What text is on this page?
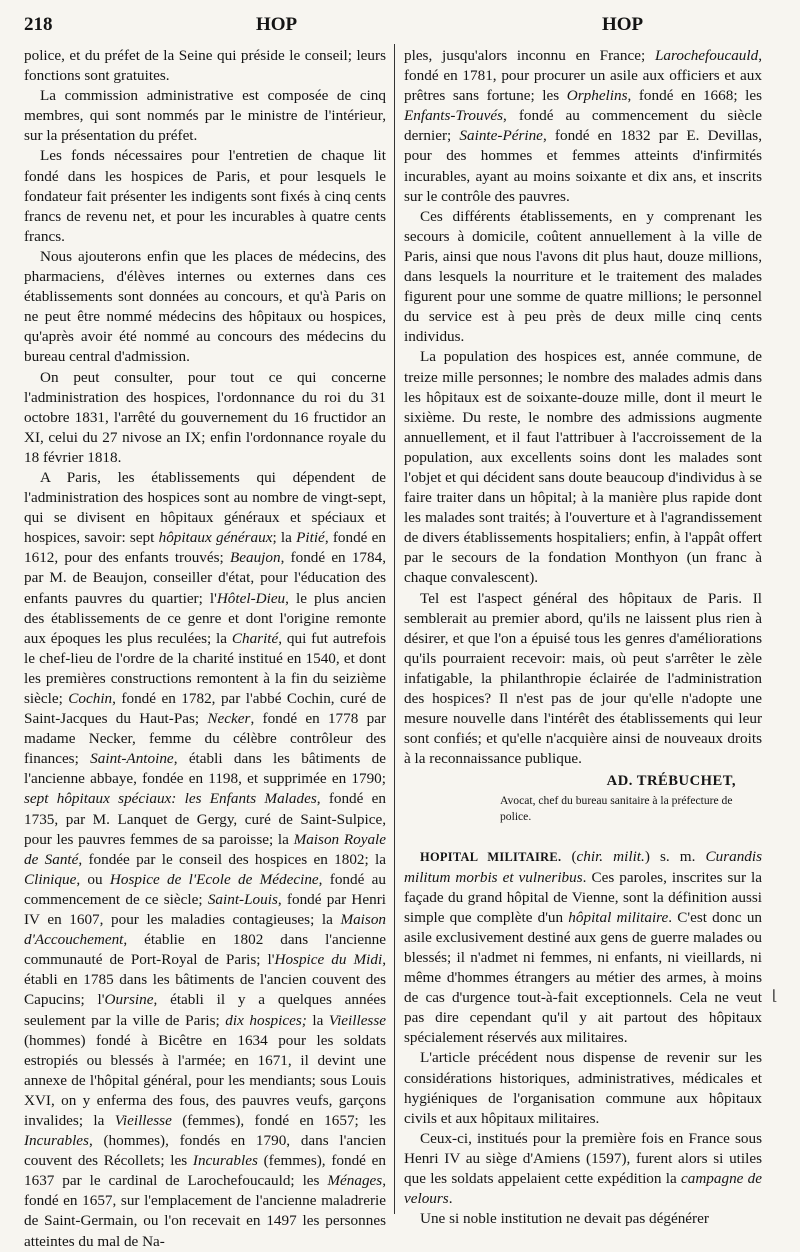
218	HOP	HOP

police, et du préfet de la Seine qui préside le conseil; leurs fonctions sont gratuites.

La commission administrative est composée de cinq membres, qui sont nommés par le ministre de l'intérieur, sur la présentation du préfet.

Les fonds nécessaires pour l'entretien de chaque lit fondé dans les hospices de Paris, et pour lesquels le fondateur fait présenter les indigents sont fixés à cinq cents francs de revenu net, et pour les incurables à quatre cents francs.

Nous ajouterons enfin que les places de médecins, des pharmaciens, d'élèves internes ou externes dans ces établissements sont données au concours, et qu'à Paris on ne peut être nommé médecins des hôpitaux ou hospices, qu'après avoir été nommé au concours des médecins du bureau central d'admission.

On peut consulter, pour tout ce qui concerne l'administration des hospices, l'ordonnance du roi du 31 octobre 1831, l'arrêté du gouvernement du 16 fructidor an XI, celui du 27 nivose an IX; enfin l'ordonnance royale du 18 février 1818.

A Paris, les établissements qui dépendent de l'administration des hospices sont au nombre de vingt-sept, qui se divisent en hôpitaux généraux et spéciaux et hospices, savoir: sept hôpitaux généraux; la Pitié, fondé en 1612, pour des enfants trouvés; Beaujon, fondé en 1784, par M. de Beaujon, conseiller d'état, pour l'éducation des enfants pauvres du quartier; l'Hôtel-Dieu, le plus ancien des établissements de ce genre et dont l'origine remonte aux époques les plus reculées; la Charité, qui fut autrefois le chef-lieu de l'ordre de la charité institué en 1540, et dont les premières constructions remontent à la fin du seizième siècle; Cochin, fondé en 1782, par l'abbé Cochin, curé de Saint-Jacques du Haut-Pas; Necker, fondé en 1778 par madame Necker, femme du célèbre contrôleur des finances; Saint-Antoine, établi dans les bâtiments de l'ancienne abbaye, fondée en 1198, et supprimée en 1790; sept hôpitaux spéciaux: les Enfants Malades, fondé en 1735, par M. Lanquet de Gergy, curé de Saint-Sulpice, pour les pauvres femmes de sa paroisse; la Maison Royale de Santé, fondée par le conseil des hospices en 1802; la Clinique, ou Hospice de l'Ecole de Médecine, fondé au commencement de ce siècle; Saint-Louis, fondé par Henri IV en 1607, pour les maladies contagieuses; la Maison d'Accouchement, établie en 1802 dans l'ancienne communauté de Port-Royal de Paris; l'Hospice du Midi, établi en 1785 dans les bâtiments de l'ancien couvent des Capucins; l'Oursine, établi il y a quelques années seulement par la ville de Paris; dix hospices; la Vieillesse (hommes) fondé à Bicêtre en 1634 pour les soldats estropiés ou blessés à l'armée; en 1671, il devint une annexe de l'hôpital général, pour les mendiants; sous Louis XVI, on y enferma des fous, des pauvres veufs, garçons invalides; la Vieillesse (femmes), fondé en 1657; les Incurables, (hommes), fondés en 1790, dans l'ancien couvent des Récollets; les Incurables (femmes), fondé en 1637 par le cardinal de Larochefoucauld; les Ménages, fondé en 1657, sur l'emplacement de l'ancienne maladrerie de Saint-Germain, ou l'on recevait en 1497 les personnes atteintes du mal de Na-

ples, jusqu'alors inconnu en France; Larochefoucauld, fondé en 1781, pour procurer un asile aux officiers et aux prêtres sans fortune; les Orphelins, fondé en 1668; les Enfants-Trouvés, fondé au commencement du siècle dernier; Sainte-Périne, fondé en 1832 par E. Devillas, pour des hommes et femmes atteints d'infirmités incurables, ayant au moins soixante et dix ans, et inscrits sur le contrôle des pauvres.

Ces différents établissements, en y comprenant les secours à domicile, coûtent annuellement à la ville de Paris, ainsi que nous l'avons dit plus haut, douze millions, dans lesquels la nourriture et le traitement des malades figurent pour une somme de quatre millions; le personnel du service est à peu près de deux mille cinq cents individus.

La population des hospices est, année commune, de treize mille personnes; le nombre des malades admis dans les hôpitaux est de soixante-douze mille, dont il meurt le sixième. Du reste, le nombre des admissions augmente annuellement, et il faut l'attribuer à l'accroissement de la population, aux excellents soins dont les malades sont l'objet et qui décident sans doute beaucoup d'individus à se faire traiter dans un hôpital; à la manière plus rapide dont les malades sont traités; à l'ouverture et à l'agrandissement de divers établissements hospitaliers; enfin, à l'appât offert par le secours de la fondation Monthyon (un franc à chaque convalescent).

Tel est l'aspect général des hôpitaux de Paris. Il semblerait au premier abord, qu'ils ne laissent plus rien à désirer, et que l'on a épuisé tous les genres d'améliorations qu'ils pourraient recevoir: mais, où peut s'arrêter le zèle infatigable, la philanthropie éclairée de l'administration des hospices? Il n'est pas de jour qu'elle n'adopte une mesure nouvelle dans l'intérêt des établissements qui leur sont confiés; et qu'elle n'acquière ainsi de nouveaux droits à la reconnaissance publique.

AD. TRÉBUCHET,

Avocat, chef du bureau sanitaire à la préfecture de police.

HOPITAL MILITAIRE. (chir. milit.) s. m. Curandis militum morbis et vulneribus. Ces paroles, inscrites sur la façade du grand hôpital de Vienne, sont la définition aussi simple que complète d'un hôpital militaire. C'est donc un asile exclusivement destiné aux gens de guerre malades ou blessés; il n'admet ni femmes, ni enfants, ni vieillards, ni même d'hommes étrangers au métier des armes, à moins de cas d'urgence tout-à-fait exceptionnels. Cela ne veut pas dire cependant qu'il y ait partout des hôpitaux spécialement réservés aux militaires.

L'article précédent nous dispense de revenir sur les considérations historiques, administratives, médicales et hygiéniques de l'organisation commune aux hôpitaux civils et aux hôpitaux militaires.

Ceux-ci, institués pour la première fois en France sous Henri IV au siège d'Amiens (1597), furent alors si utiles que les soldats appelaient cette expédition la campagne de velours.

Une si noble institution ne devait pas dégénérer

⌊
